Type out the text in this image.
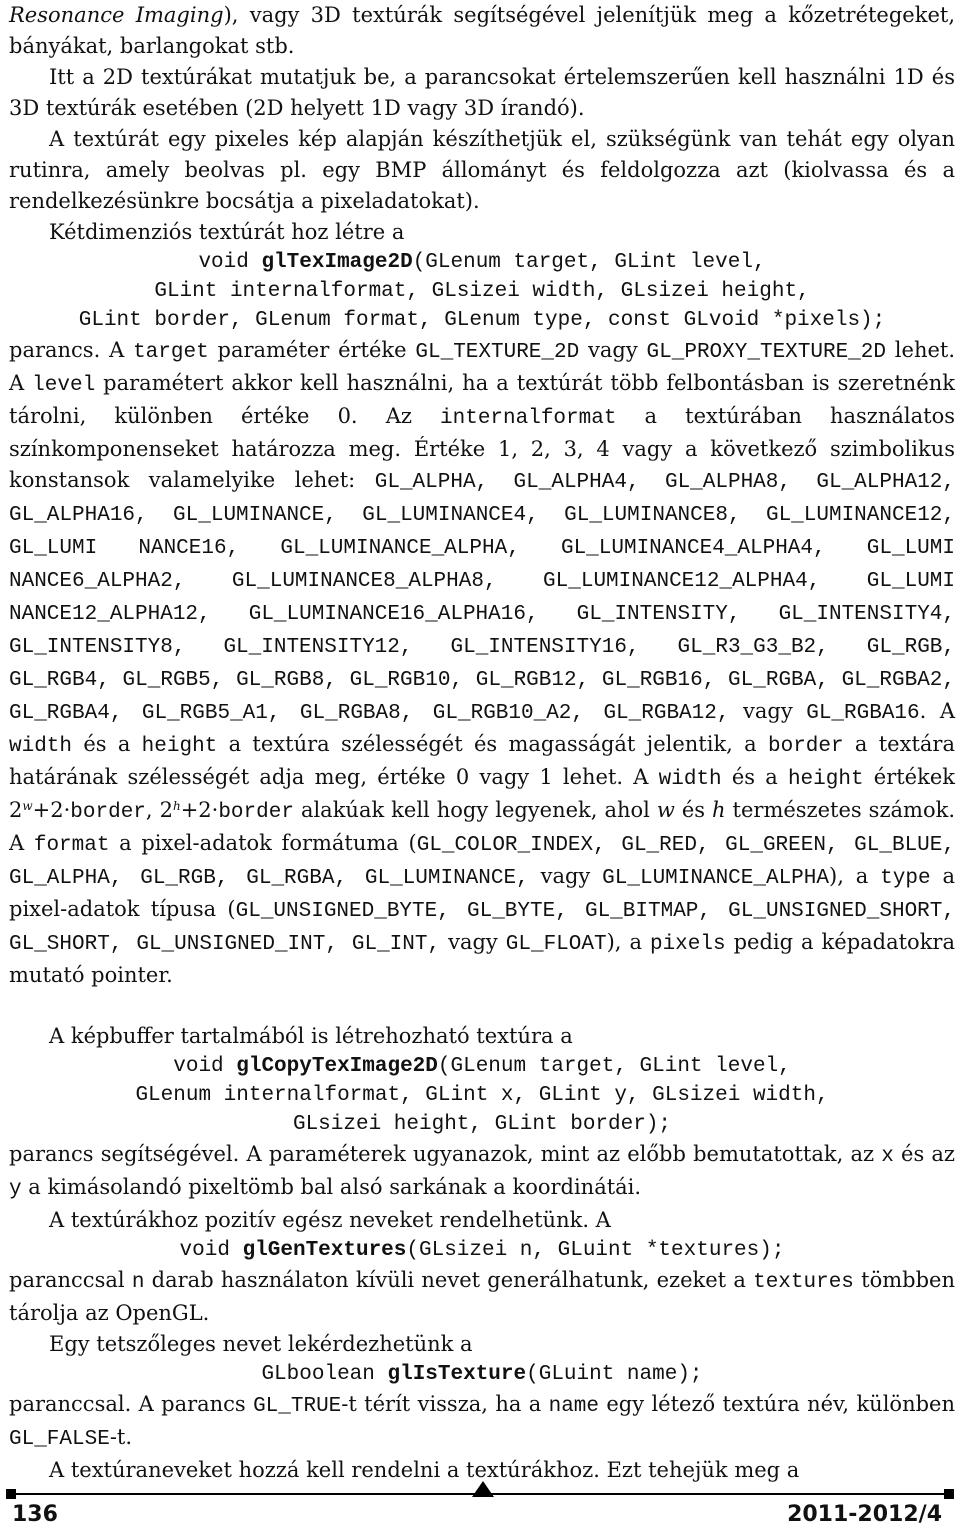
Resonance Imaging), vagy 3D textúrák segítségével jelenítjük meg a kőzetrétegeket, bányákat, barlangokat stb.

Itt a 2D textúrákat mutatjuk be, a parancsokat értelemszerűen kell használni 1D és 3D textúrák esetében (2D helyett 1D vagy 3D írandó).

A textúrát egy pixeles kép alapján készíthetjük el, szükségünk van tehát egy olyan rutinra, amely beolvas pl. egy BMP állományt és feldolgozza azt (kiolvassa és a rendelkezésünkre bocsátja a pixeladatokat).

Kétdimenziós textúrát hoz létre a

void glTexImage2D(GLenum target, GLint level,

GLint internalformat, GLsizei width, GLsizei height,

GLint border, GLenum format, GLenum type, const GLvoid *pixels);

parancs. A target paraméter értéke GL_TEXTURE_2D vagy GL_PROXY_TEXTURE_2D lehet. A level paramétert akkor kell használni, ha a textúrát több felbontásban is szeretnénk tárolni, különben értéke 0. Az internalformat a textúrában használatos színkomponenseket határozza meg. Értéke 1, 2, 3, 4 vagy a következő szimbolikus konstansok valamelyike lehet: GL_ALPHA, GL_ALPHA4, GL_ALPHA8, GL_ALPHA12, GL_ALPHA16, GL_LUMINANCE, GL_LUMINANCE4, GL_LUMINANCE8, GL_LUMINANCE12, GL_LUMI NANCE16, GL_LUMINANCE_ALPHA, GL_LUMINANCE4_ALPHA4, GL_LUMI NANCE6_ALPHA2, GL_LUMINANCE8_ALPHA8, GL_LUMINANCE12_ALPHA4, GL_LUMI NANCE12_ALPHA12, GL_LUMINANCE16_ALPHA16, GL_INTENSITY, GL_INTENSITY4, GL_INTENSITY8, GL_INTENSITY12, GL_INTENSITY16, GL_R3_G3_B2, GL_RGB, GL_RGB4, GL_RGB5, GL_RGB8, GL_RGB10, GL_RGB12, GL_RGB16, GL_RGBA, GL_RGBA2, GL_RGBA4, GL_RGB5_A1, GL_RGBA8, GL_RGB10_A2, GL_RGBA12, vagy GL_RGBA16. A width és a height a textúra szélességét és magasságát jelentik, a border a textára határának szélességét adja meg, értéke 0 vagy 1 lehet. A width és a height értékek $2^w+2\cdot border$, $2^h+2\cdot border$ alakúak kell hogy legyenek, ahol w és h természetes számok. A format a pixel-adatok formátuma (GL_COLOR_INDEX, GL_RED, GL_GREEN, GL_BLUE, GL_ALPHA, GL_RGB, GL_RGBA, GL_LUMINANCE, vagy GL_LUMINANCE_ALPHA), a type a pixel-adatok típusa (GL_UNSIGNED_BYTE, GL_BYTE, GL_BITMAP, GL_UNSIGNED_SHORT, GL_SHORT, GL_UNSIGNED_INT, GL_INT, vagy GL_FLOAT), a pixels pedig a képadatokra mutató pointer.

A képbuffer tartalmából is létrehozható textúra a

void glCopyTexImage2D(GLenum target, GLint level,

GLenum internalformat, GLint x, GLint y, GLsizei width,

GLsizei height, GLint border);

parancs segítségével. A paraméterek ugyanazok, mint az előbb bemutatottak, az x és az y a kimásolandó pixeltömb bal alsó sarkának a koordinátái.

A textúrákhoz pozitív egész neveket rendelhetünk. A

void glGenTextures(GLsizei n, GLuint *textures);

paranccsal n darab használaton kívüli nevet generálhatunk, ezeket a textures tömbben tárolja az OpenGL.

Egy tetszőleges nevet lekérdezhetünk a

GLboolean glIsTexture(GLuint name);

paranccsal. A parancs GL_TRUE-t térít vissza, ha a name egy létező textúra név, különben GL_FALSE-t.

A textúraneveket hozzá kell rendelni a textúrákhoz. Ezt tehejük meg a

136	2011-2012/4
